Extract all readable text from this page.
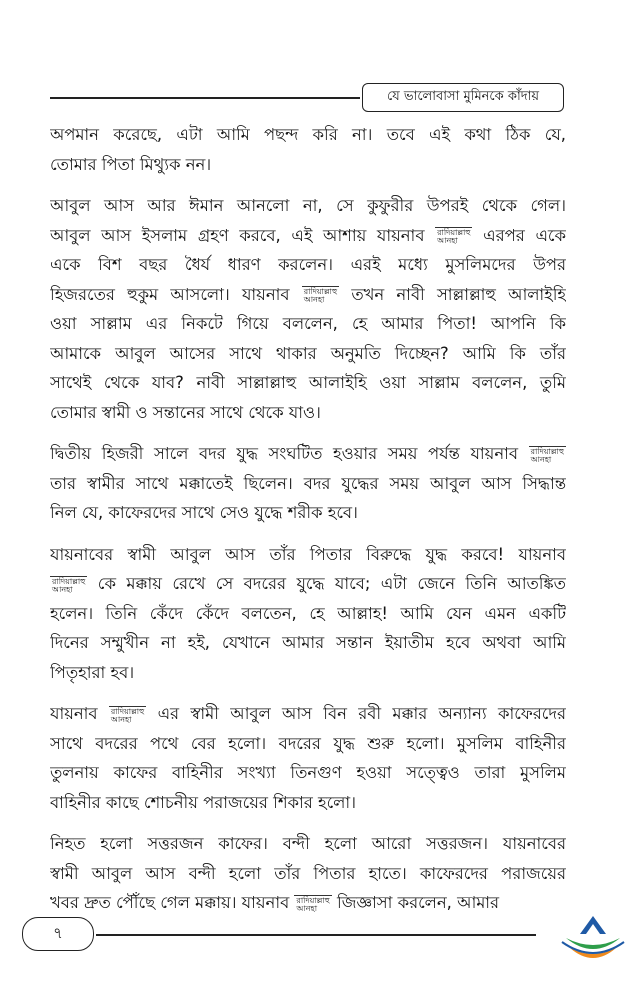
যে ভালোবাসা মুমিনকে কাঁদায়
অপমান করেছে, এটা আমি পছন্দ করি না। তবে এই কথা ঠিক যে,
তোমার পিতা মিথ্যুক নন।
আবুল আস আর ঈমান আনলো না, সে কুফুরীর উপরই থেকে গেল।
আবুল আস ইসলাম গ্রহণ করবে, এই আশায় যায়নাব রাদিয়াল্লাহু
আনহা এরপর একে
একে বিশ বছর ধৈর্য ধারণ করলেন। এরই মধ্যে মুসলিমদের উপর
হিজরতের হুকুম আসলো। যায়নাব রাদিয়াল্লাহু
আনহা তখন নাবী সাল্লাল্লাহু আলাইহি
ওয়া সাল্লাম এর নিকটে গিয়ে বললেন, হে আমার পিতা! আপনি কি
আমাকে আবুল আসের সাথে থাকার অনুমতি দিচ্ছেন? আমি কি তাঁর
সাথেই থেকে যাব? নাবী সাল্লাল্লাহু আলাইহি ওয়া সাল্লাম বললেন, তুমি
তোমার স্বামী ও সন্তানের সাথে থেকে যাও।
দ্বিতীয় হিজরী সালে বদর যুদ্ধ সংঘটিত হওয়ার সময় পর্যন্ত যায়নাব রাদিয়াল্লাহু
আনহা
তার স্বামীর সাথে মক্কাতেই ছিলেন। বদর যুদ্ধের সময় আবুল আস সিদ্ধান্ত
নিল যে, কাফেরদের সাথে সেও যুদ্ধে শরীক হবে।
যায়নাবের স্বামী আবুল আস তাঁর পিতার বিরুদ্ধে যুদ্ধ করবে! যায়নাব
রাদিয়াল্লাহু
আনহা কে মক্কায় রেখে সে বদরের যুদ্ধে যাবে; এটা জেনে তিনি আতঙ্কিত
হলেন। তিনি কেঁদে কেঁদে বলতেন, হে আল্লাহ! আমি যেন এমন একটি
দিনের সম্মুখীন না হই, যেখানে আমার সন্তান ইয়াতীম হবে অথবা আমি
পিতৃহারা হব।
যায়নাব রাদিয়াল্লাহু
আনহা এর স্বামী আবুল আস বিন রবী মক্কার অন্যান্য কাফেরদের
সাথে বদরের পথে বের হলো। বদরের যুদ্ধ শুরু হলো। মুসলিম বাহিনীর
তুলনায় কাফের বাহিনীর সংখ্যা তিনগুণ হওয়া সত্ত্বেও তারা মুসলিম
বাহিনীর কাছে শোচনীয় পরাজয়ের শিকার হলো।
নিহত হলো সত্তরজন কাফের। বন্দী হলো আরো সত্তরজন। যায়নাবের
স্বামী আবুল আস বন্দী হলো তাঁর পিতার হাতে। কাফেরদের পরাজয়ের
খবর দ্রুত পৌঁছে গেল মক্কায়। যায়নাব রাদিয়াল্লাহু
আনহা জিজ্ঞাসা করলেন, আমার
৭
